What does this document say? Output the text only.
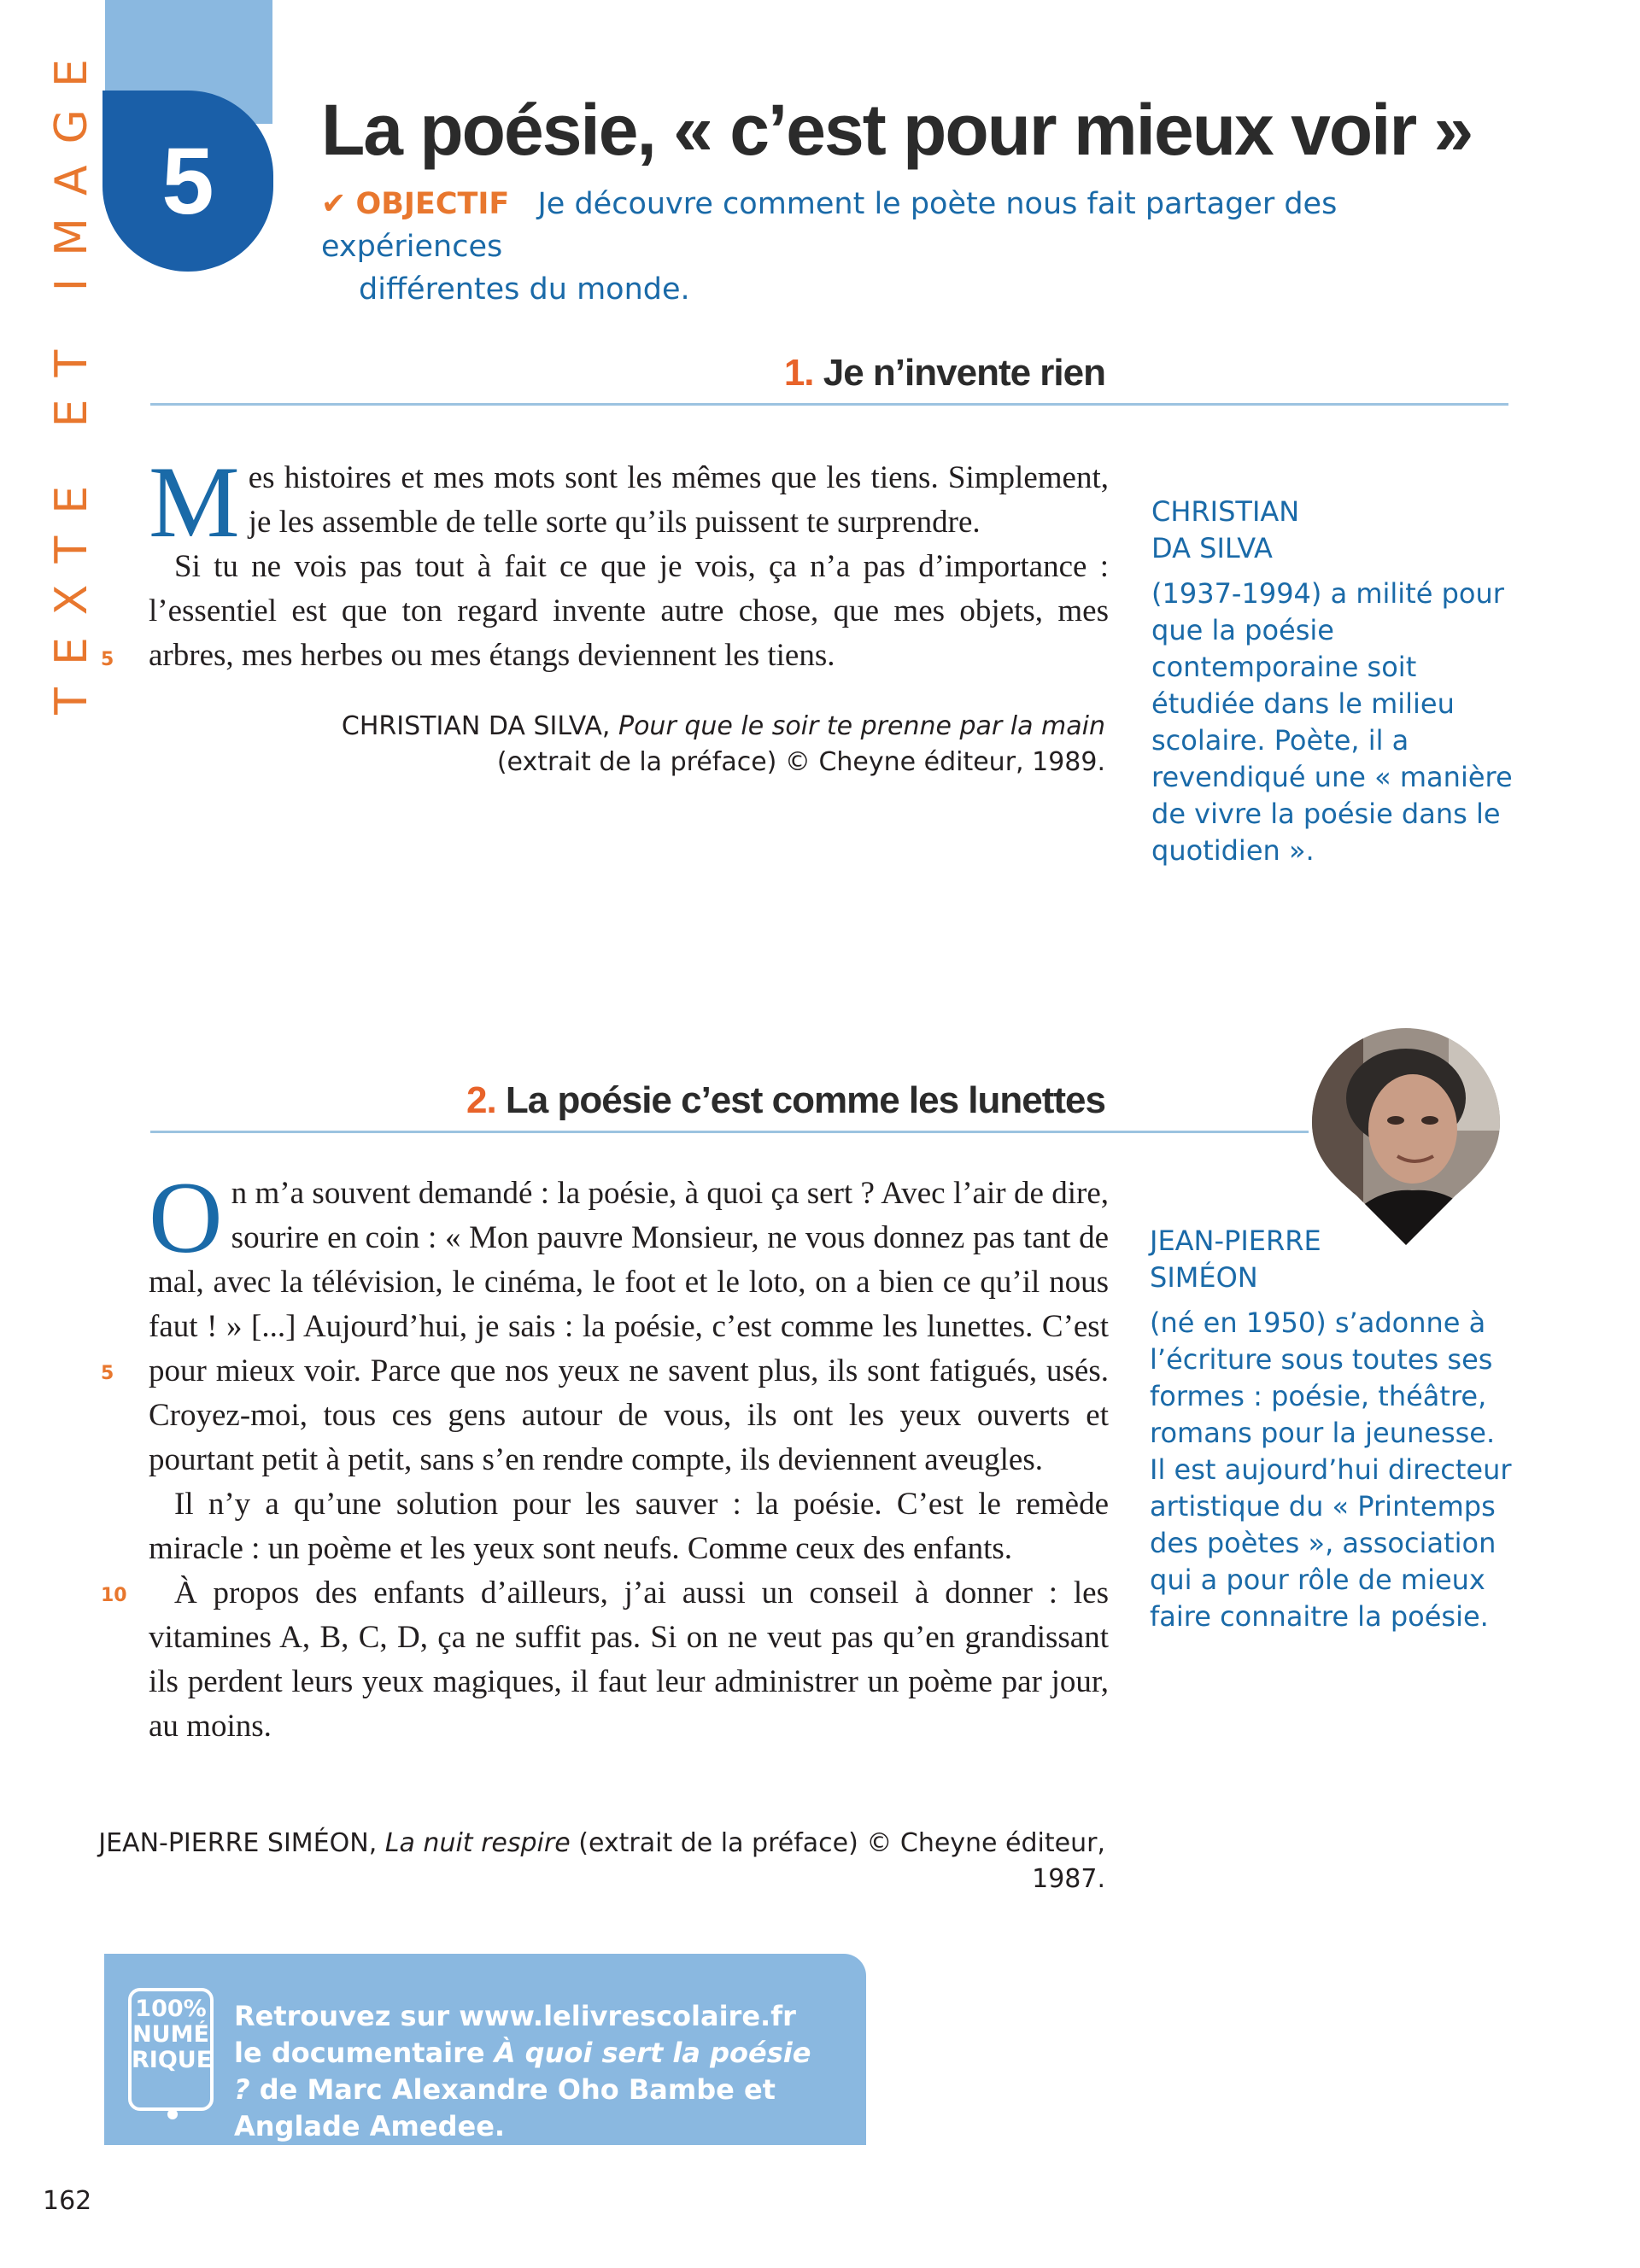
TEXTE ET IMAGE 5	La poésie, « c’est pour mieux voir »
✔ OBJECTIF Je découvre comment le poète nous fait partager des expériences
différentes du monde.
1. Je n’invente rien

Mes histoires et mes mots sont les mêmes que les tiens. Simplement, je les assemble de telle sorte qu’ils puissent te surprendre.

Si tu ne vois pas tout à fait ce que je vois, ça n’a pas d’importance : l’essentiel est que ton regard invente autre chose, que mes objets, mes arbres, mes herbes ou mes étangs deviennent les tiens.

5
CHRISTIAN DA SILVA, Pour que le soir te prenne par la main
(extrait de la préface) © Cheyne éditeur, 1989.
CHRISTIAN
DA SILVA
(1937-1994) a milité pour que la poésie contemporaine soit étudiée dans le milieu scolaire. Poète, il a revendiqué une « manière de vivre la poésie dans le quotidien ».
2. La poésie c’est comme les lunettes

On m’a souvent demandé : la poésie, à quoi ça sert ? Avec l’air de dire, sourire en coin : « Mon pauvre Monsieur, ne vous donnez pas tant de mal, avec la télévision, le cinéma, le foot et le loto, on a bien ce qu’il nous faut ! » [...] Aujourd’hui, je sais : la poésie, c’est comme les lunettes. C’est pour mieux voir. Parce que nos yeux ne savent plus, ils sont fatigués, usés. Croyez-moi, tous ces gens autour de vous, ils ont les yeux ouverts et pourtant petit à petit, sans s’en rendre compte, ils deviennent aveugles.

Il n’y a qu’une solution pour les sauver : la poésie. C’est le remède miracle : un poème et les yeux sont neufs. Comme ceux des enfants.

À propos des enfants d’ailleurs, j’ai aussi un conseil à donner : les vitamines A, B, C, D, ça ne suffit pas. Si on ne veut pas qu’en grandissant ils perdent leurs yeux magiques, il faut leur administrer un poème par jour, au moins.

5
10
JEAN-PIERRE SIMÉON, La nuit respire (extrait de la préface) © Cheyne éditeur, 1987.
JEAN-PIERRE
SIMÉON
(né en 1950) s’adonne à l’écriture sous toutes ses formes : poésie, théâtre, romans pour la jeunesse. Il est aujourd’hui directeur artistique du « Printemps des poètes », association qui a pour rôle de mieux faire connaitre la poésie.
100%
NUMÉ
RIQUE
Retrouvez sur www.lelivrescolaire.fr le documentaire À quoi sert la poésie ? de Marc Alexandre Oho Bambe et Anglade Amedee.
162
